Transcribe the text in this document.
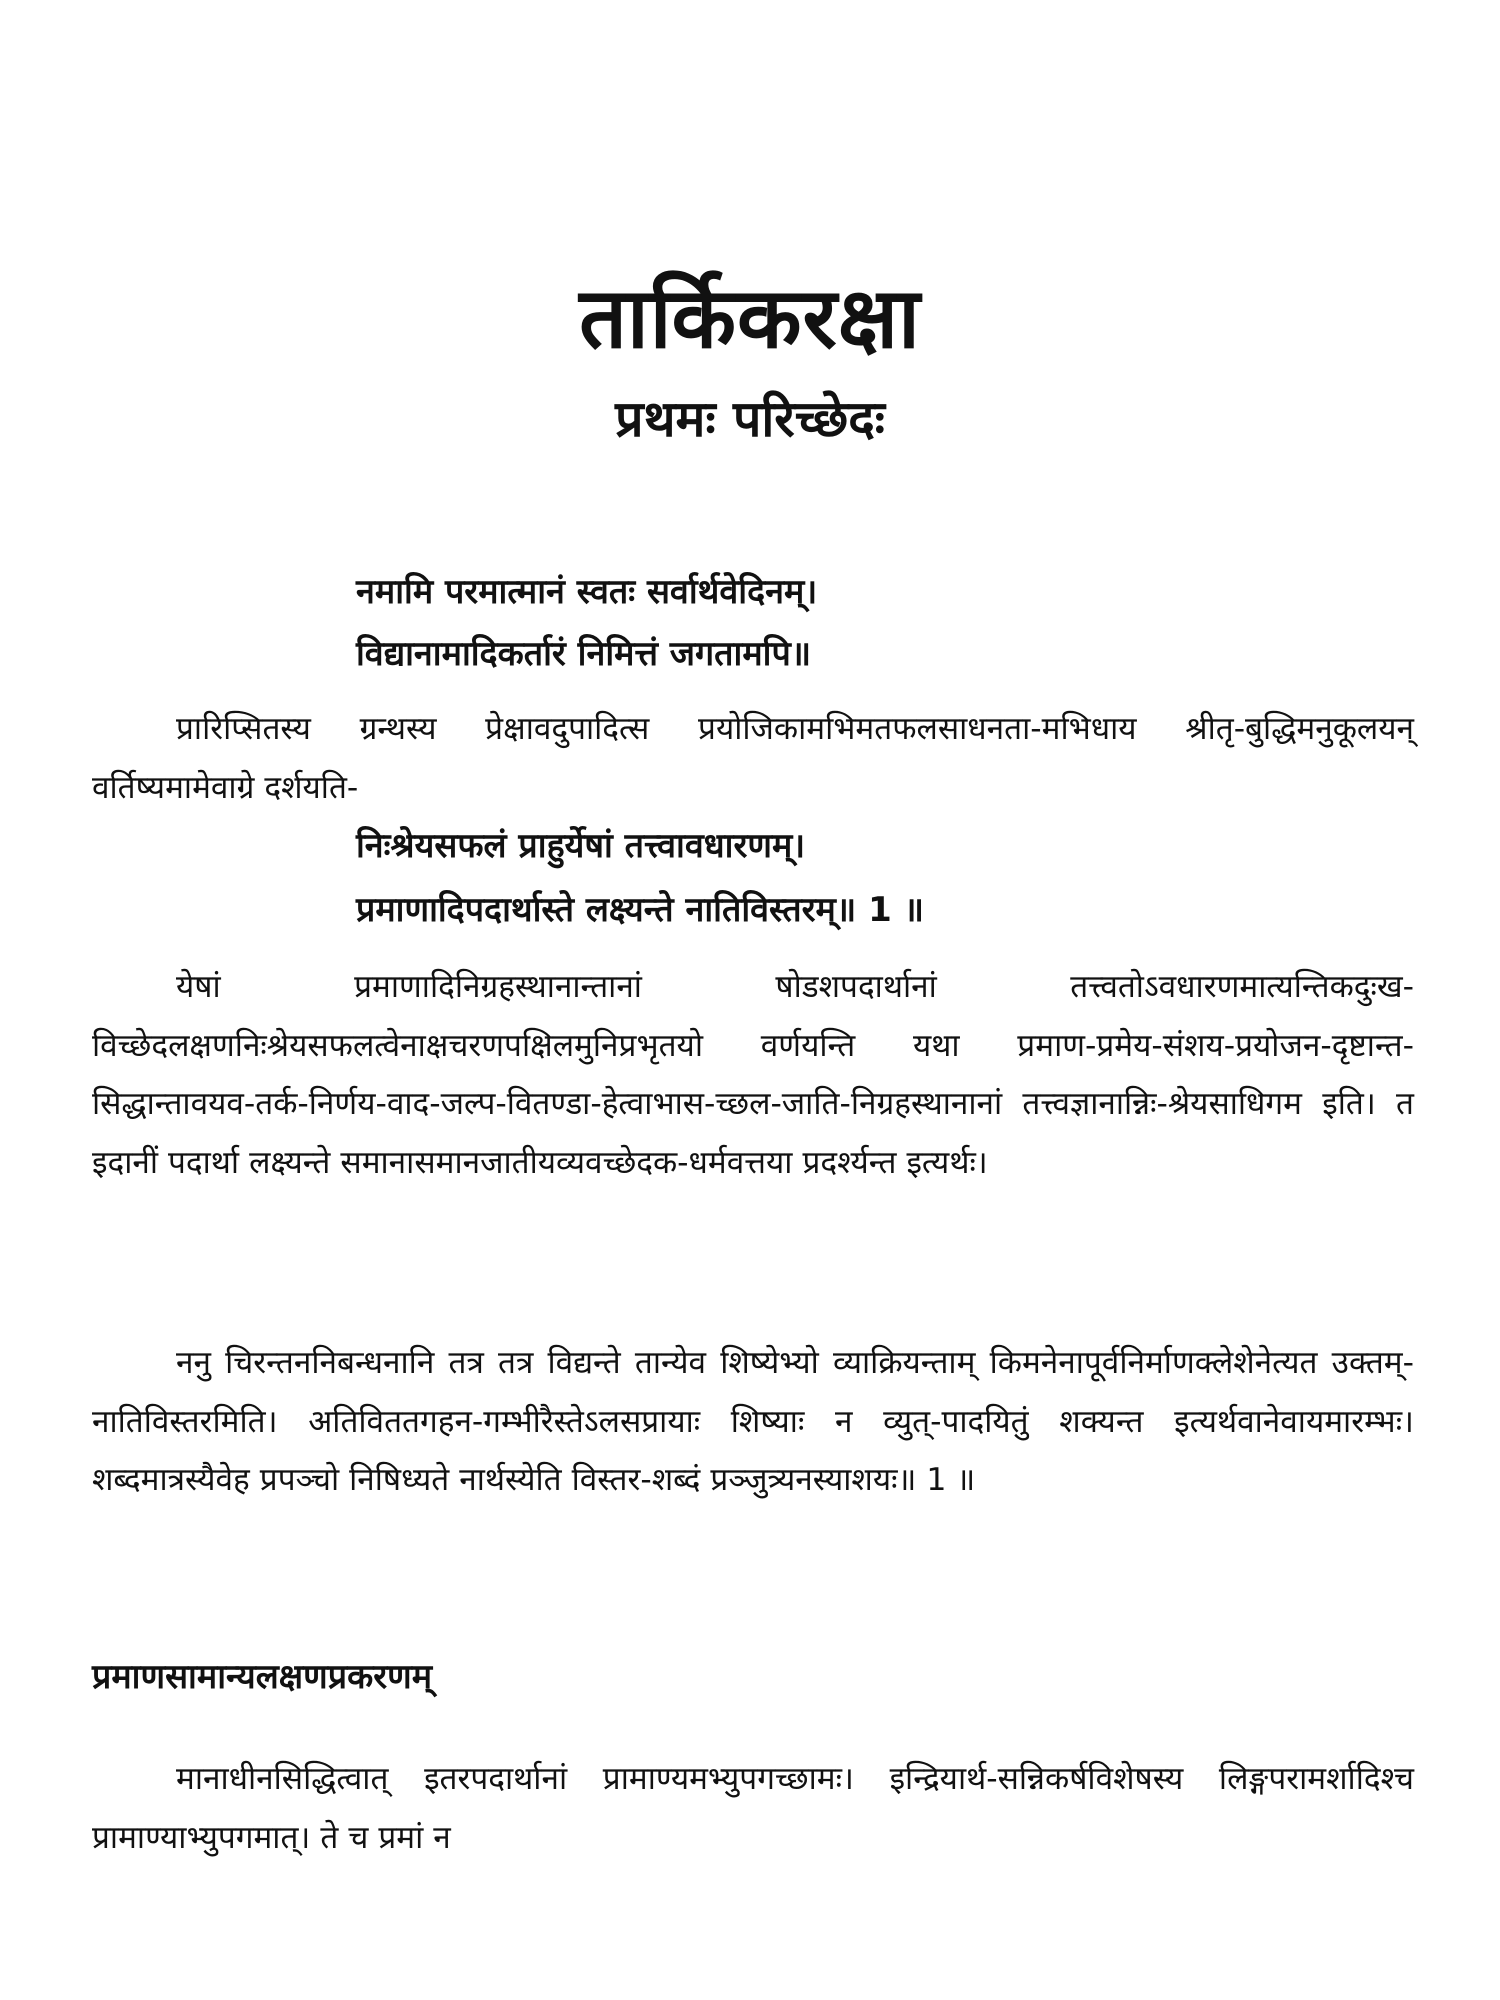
तार्किकरक्षा
प्रथमः परिच्छेदः
नमामि परमात्मानं स्वतः सर्वार्थवेदिनम्।
विद्यानामादिकर्तारं निमित्तं जगतामपि॥
प्रारिप्सितस्य ग्रन्थस्य प्रेक्षावदुपादित्स प्रयोजिकामभिमतफलसाधनता-मभिधाय श्रीतृ-बुद्धिमनुकूलयन् वर्तिष्यमामेवाग्रे दर्शयति-
निःश्रेयसफलं प्राहुर्येषां तत्त्वावधारणम्।
प्रमाणादिपदार्थास्ते लक्ष्यन्ते नातिविस्तरम्॥ 1 ॥
येषां प्रमाणादिनिग्रहस्थानान्तानां षोडशपदार्थानां तत्त्वतोऽवधारणमात्यन्तिकदुःख-विच्छेदलक्षणनिःश्रेयसफलत्वेनाक्षचरणपक्षिलमुनिप्रभृतयो वर्णयन्ति यथा प्रमाण-प्रमेय-संशय-प्रयोजन-दृष्टान्त-सिद्धान्तावयव-तर्क-निर्णय-वाद-जल्प-वितण्डा-हेत्वाभास-च्छल-जाति-निग्रहस्थानानां तत्त्वज्ञानान्निः-श्रेयसाधिगम इति। त इदानीं पदार्था लक्ष्यन्ते समानासमानजातीयव्यवच्छेदक-धर्मवत्तया प्रदर्श्यन्त इत्यर्थः।
ननु चिरन्तननिबन्धनानि तत्र तत्र विद्यन्ते तान्येव शिष्येभ्यो व्याक्रियन्ताम् किमनेनापूर्वनिर्माणक्लेशेनेत्यत उक्तम्-नातिविस्तरमिति। अतिविततगहन-गम्भीरैस्तेऽलसप्रायाः शिष्याः न व्युत्-पादयितुं शक्यन्त इत्यर्थवानेवायमारम्भः। शब्दमात्रस्यैवेह प्रपञ्चो निषिध्यते नार्थस्येति विस्तर-शब्दं प्रञ्जुत्र्यनस्याशयः॥ 1 ॥
प्रमाणसामान्यलक्षणप्रकरणम्
मानाधीनसिद्धित्वात् इतरपदार्थानां प्रामाण्यमभ्युपगच्छामः। इन्द्रियार्थ-सन्निकर्षविशेषस्य लिङ्गपरामर्शादिश्च प्रामाण्याभ्युपगमात्। ते च प्रमां न
